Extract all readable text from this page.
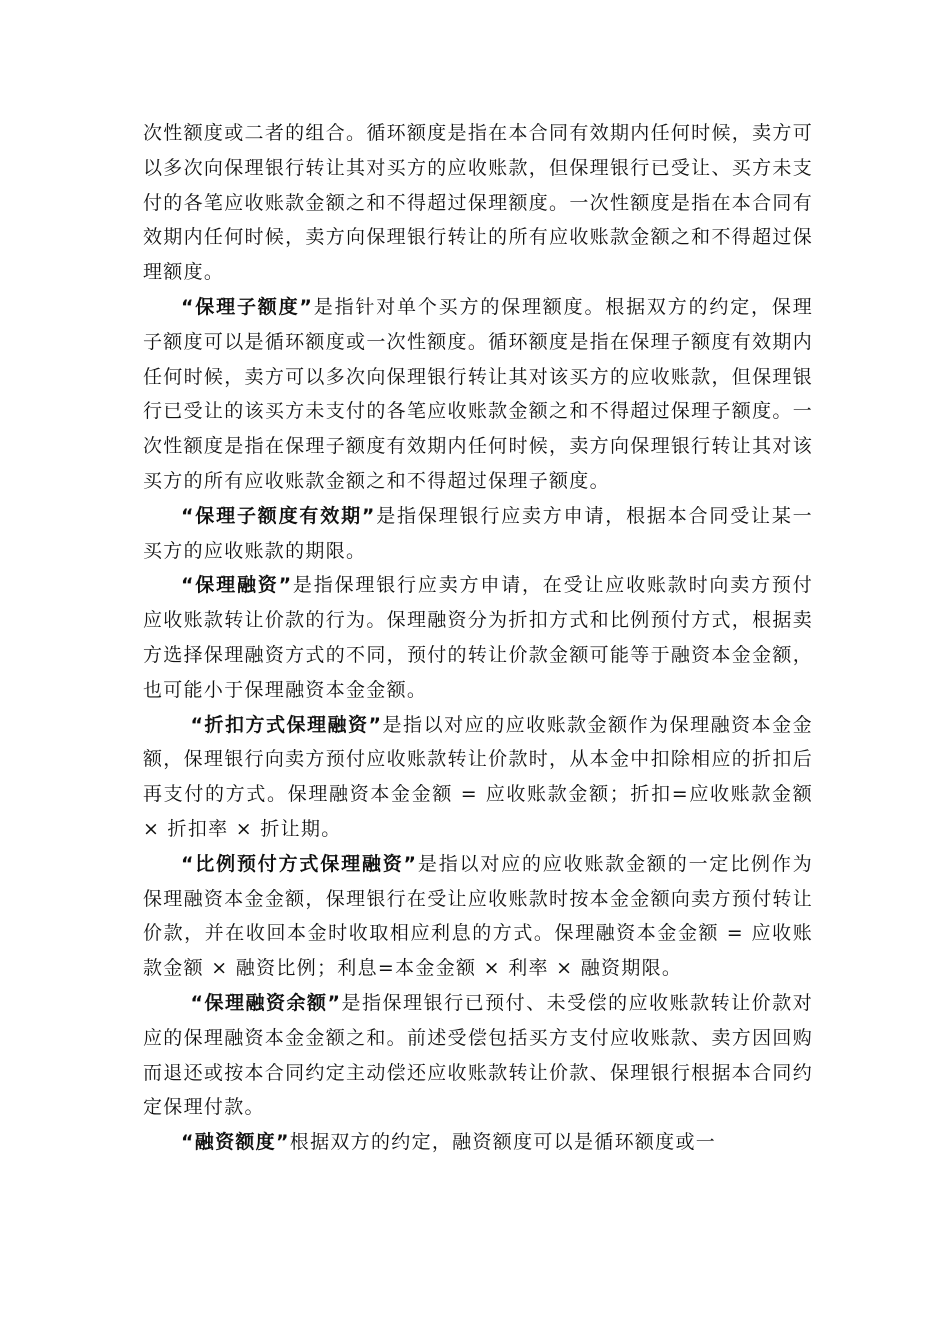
次性额度或二者的组合。循环额度是指在本合同有效期内任何时候，卖方可以多次向保理银行转让其对买方的应收账款，但保理银行已受让、买方未支付的各笔应收账款金额之和不得超过保理额度。一次性额度是指在本合同有效期内任何时候，卖方向保理银行转让的所有应收账款金额之和不得超过保理额度。

“保理子额度”是指针对单个买方的保理额度。根据双方的约定，保理子额度可以是循环额度或一次性额度。循环额度是指在保理子额度有效期内任何时候，卖方可以多次向保理银行转让其对该买方的应收账款，但保理银行已受让的该买方未支付的各笔应收账款金额之和不得超过保理子额度。一次性额度是指在保理子额度有效期内任何时候，卖方向保理银行转让其对该买方的所有应收账款金额之和不得超过保理子额度。

“保理子额度有效期”是指保理银行应卖方申请，根据本合同受让某一买方的应收账款的期限。

“保理融资”是指保理银行应卖方申请，在受让应收账款时向卖方预付应收账款转让价款的行为。保理融资分为折扣方式和比例预付方式，根据卖方选择保理融资方式的不同，预付的转让价款金额可能等于融资本金金额，也可能小于保理融资本金金额。

“折扣方式保理融资”是指以对应的应收账款金额作为保理融资本金金额，保理银行向卖方预付应收账款转让价款时，从本金中扣除相应的折扣后再支付的方式。保理融资本金金额 = 应收账款金额；折扣=应收账款金额 × 折扣率 × 折让期。

“比例预付方式保理融资”是指以对应的应收账款金额的一定比例作为保理融资本金金额，保理银行在受让应收账款时按本金金额向卖方预付转让价款，并在收回本金时收取相应利息的方式。保理融资本金金额 = 应收账款金额 × 融资比例；利息=本金金额 × 利率 × 融资期限。

“保理融资余额”是指保理银行已预付、未受偿的应收账款转让价款对应的保理融资本金金额之和。前述受偿包括买方支付应收账款、卖方因回购而退还或按本合同约定主动偿还应收账款转让价款、保理银行根据本合同约定保理付款。

“融资额度”根据双方的约定，融资额度可以是循环额度或一
